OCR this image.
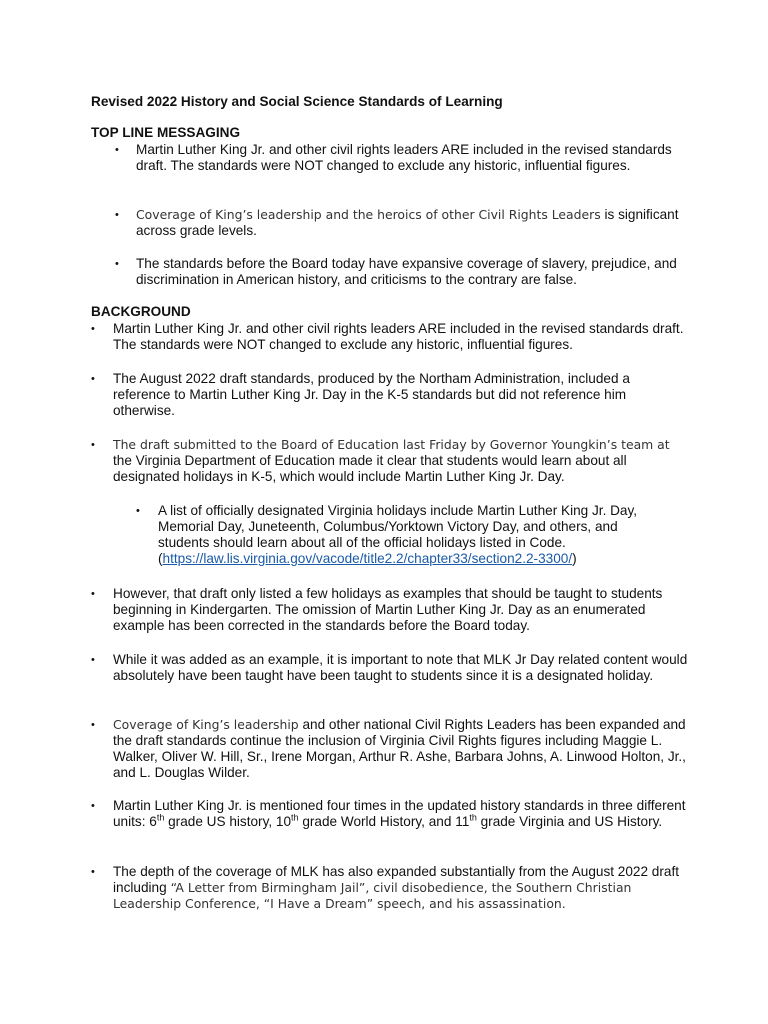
Revised 2022 History and Social Science Standards of Learning
TOP LINE MESSAGING
•	Martin Luther King Jr. and other civil rights leaders ARE included in the revised standards draft. The standards were NOT changed to exclude any historic, influential figures.
•	Coverage of King’s leadership and the heroics of other Civil Rights Leaders is significant across grade levels.
•	The standards before the Board today have expansive coverage of slavery, prejudice, and discrimination in American history, and criticisms to the contrary are false.
BACKGROUND
•	Martin Luther King Jr. and other civil rights leaders ARE included in the revised standards draft. The standards were NOT changed to exclude any historic, influential figures.
•	The August 2022 draft standards, produced by the Northam Administration, included a reference to Martin Luther King Jr. Day in the K-5 standards but did not reference him otherwise.
•	The draft submitted to the Board of Education last Friday by Governor Youngkin’s team at the Virginia Department of Education made it clear that students would learn about all designated holidays in K-5, which would include Martin Luther King Jr. Day.
•	A list of officially designated Virginia holidays include Martin Luther King Jr. Day, Memorial Day, Juneteenth, Columbus/Yorktown Victory Day, and others, and students should learn about all of the official holidays listed in Code. (https://law.lis.virginia.gov/vacode/title2.2/chapter33/section2.2-3300/)
•	However, that draft only listed a few holidays as examples that should be taught to students beginning in Kindergarten. The omission of Martin Luther King Jr. Day as an enumerated example has been corrected in the standards before the Board today.
•	While it was added as an example, it is important to note that MLK Jr Day related content would absolutely have been taught have been taught to students since it is a designated holiday.
•	Coverage of King’s leadership and other national Civil Rights Leaders has been expanded and the draft standards continue the inclusion of Virginia Civil Rights figures including Maggie L. Walker, Oliver W. Hill, Sr., Irene Morgan, Arthur R. Ashe, Barbara Johns, A. Linwood Holton, Jr., and L. Douglas Wilder.
•	Martin Luther King Jr. is mentioned four times in the updated history standards in three different units: 6th grade US history, 10th grade World History, and 11th grade Virginia and US History.
•	The depth of the coverage of MLK has also expanded substantially from the August 2022 draft including “A Letter from Birmingham Jail”, civil disobedience, the Southern Christian Leadership Conference, “I Have a Dream” speech, and his assassination.
